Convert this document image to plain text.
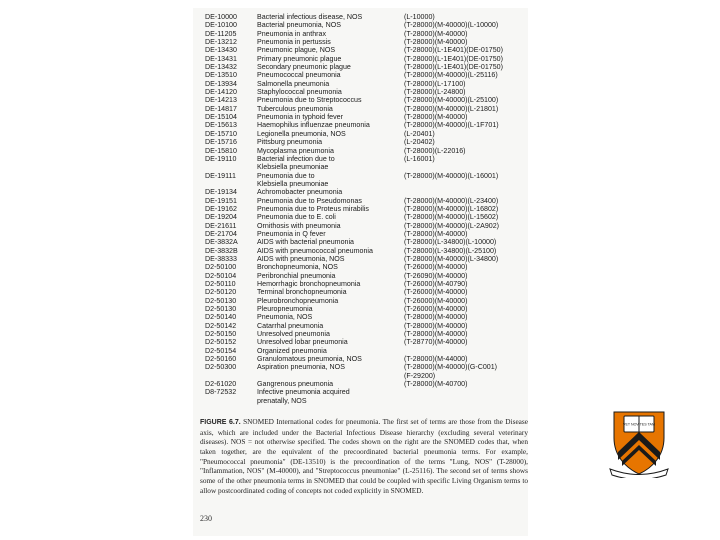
DE-10000	Bacterial infectious disease, NOS	(L-10000)
DE-10100	Bacterial pneumonia, NOS	(T-28000)(M-40000)(L-10000)
DE-11205	Pneumonia in anthrax	(T-28000)(M-40000)
DE-13212	Pneumonia in pertussis	(T-28000)(M-40000)
DE-13430	Pneumonic plague, NOS	(T-28000)(L-1E401)(DE-01750)
DE-13431	Primary pneumonic plague	(T-28000)(L-1E401)(DE-01750)
DE-13432	Secondary pneumonic plague	(T-28000)(L-1E401)(DE-01750)
DE-13510	Pneumococcal pneumonia	(T-28000)(M-40000)(L-25116)
DE-13934	Salmonella pneumonia	(T-28000)(L-17100)
DE-14120	Staphylococcal pneumonia	(T-28000)(L-24800)
DE-14213	Pneumonia due to Streptococcus	(T-28000)(M-40000)(L-25100)
DE-14817	Tuberculous pneumonia	(T-28000)(M-40000)(L-21801)
DE-15104	Pneumonia in typhoid fever	(T-28000)(M-40000)
DE-15613	Haemophilus influenzae pneumonia	(T-28000)(M-40000)(L-1F701)
DE-15710	Legionella pneumonia, NOS	(L-20401)
DE-15716	Pittsburg pneumonia	(L-20402)
DE-15810	Mycoplasma pneumonia	(T-28000)(L-22016)
DE-19110	Bacterial infection due to	(L-16001)
Klebsiella pneumoniae
DE-19111	Pneumonia due to	(T-28000)(M-40000)(L-16001)
Klebsiella pneumoniae
DE-19134	Achromobacter pneumonia
DE-19151	Pneumonia due to Pseudomonas	(T-28000)(M-40000)(L-23400)
DE-19162	Pneumonia due to Proteus mirabilis	(T-28000)(M-40000)(L-16802)
DE-19204	Pneumonia due to E. coli	(T-28000)(M-40000)(L-15602)
DE-21611	Ornithosis with pneumonia	(T-28000)(M-40000)(L-2A902)
DE-21704	Pneumonia in Q fever	(T-28000)(M-40000)
DE-3832A	AIDS with bacterial pneumonia	(T-28000)(L-34800)(L-10000)
DE-3832B	AIDS with pneumococcal pneumonia	(T-28000)(L-34800)(L-25100)
DE-38333	AIDS with pneumonia, NOS	(T-28000)(M-40000)(L-34800)
D2-50100	Bronchopneumonia, NOS	(T-26000)(M-40000)
D2-50104	Peribronchial pneumonia	(T-26090)(M-40000)
D2-50110	Hemorrhagic bronchopneumonia	(T-26000)(M-40790)
D2-50120	Terminal bronchopneumonia	(T-26000)(M-40000)
D2-50130	Pleurobronchopneumonia	(T-26000)(M-40000)
D2-50130	Pleuropneumonia	(T-26000)(M-40000)
D2-50140	Pneumonia, NOS	(T-28000)(M-40000)
D2-50142	Catarrhal pneumonia	(T-28000)(M-40000)
D2-50150	Unresolved pneumonia	(T-28000)(M-40000)
D2-50152	Unresolved lobar pneumonia	(T-28770)(M-40000)
D2-50154	Organized pneumonia
D2-50160	Granulomatous pneumonia, NOS	(T-28000)(M-44000)
D2-50300	Aspiration pneumonia, NOS	(T-28000)(M-40000)(G-C001)
(F-29200)
D2-61020	Gangrenous pneumonia	(T-28000)(M-40700)
D8-72532	Infective pneumonia acquired
prenatally, NOS
FIGURE 6.7. SNOMED International codes for pneumonia. The first set of terms are those from the Disease axis, which are included under the Bacterial Infectious Disease hierarchy (excluding several veterinary diseases). NOS = not otherwise specified. The codes shown on the right are the SNOMED codes that, when taken together, are the equivalent of the precoordinated bacterial pneumonia terms. For example, "Pneumococcal pneumonia" (DE-13510) is the precoordination of the terms "Lung, NOS" (T-28000), "Inflammation, NOS" (M-40000), and "Streptococcus pneumoniae" (L-25116). The second set of terms shows some of the other pneumonia terms in SNOMED that could be coupled with specific Living Organism terms to allow postcoordinated coding of concepts not coded explicitly in SNOMED.
230
VET NOV TES TAM
